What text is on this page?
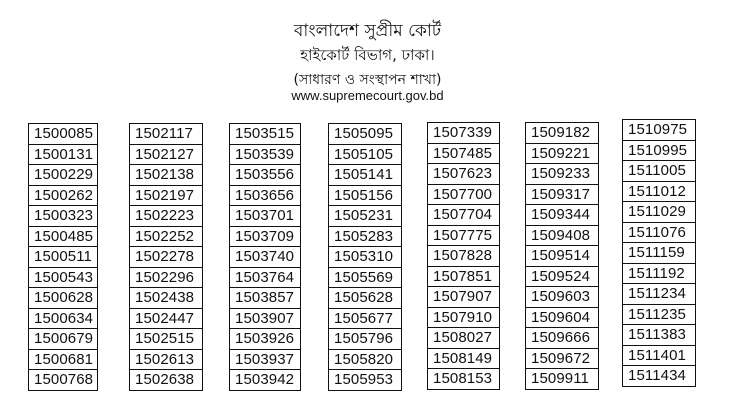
বাংলাদেশ সুপ্রীম কোর্ট
হাইকোর্ট বিভাগ, ঢাকা।
(সাধারণ ও সংস্থাপন শাখা)
www.supremecourt.gov.bd
1500085
1500131
1500229
1500262
1500323
1500485
1500511
1500543
1500628
1500634
1500679
1500681
1500768
1502117
1502127
1502138
1502197
1502223
1502252
1502278
1502296
1502438
1502447
1502515
1502613
1502638
1503515
1503539
1503556
1503656
1503701
1503709
1503740
1503764
1503857
1503907
1503926
1503937
1503942
1505095
1505105
1505141
1505156
1505231
1505283
1505310
1505569
1505628
1505677
1505796
1505820
1505953
1507339
1507485
1507623
1507700
1507704
1507775
1507828
1507851
1507907
1507910
1508027
1508149
1508153
1509182
1509221
1509233
1509317
1509344
1509408
1509514
1509524
1509603
1509604
1509666
1509672
1509911
1510975
1510995
1511005
1511012
1511029
1511076
1511159
1511192
1511234
1511235
1511383
1511401
1511434
